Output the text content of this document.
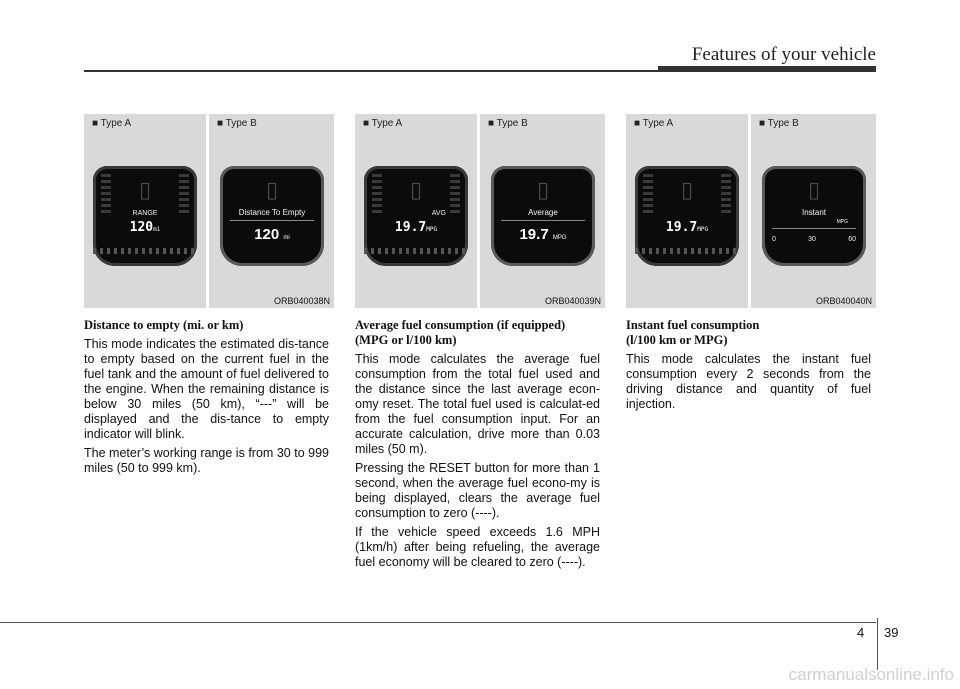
Features of your vehicle
■ Type A
▯
RANGE
120mi
■ Type B
▯
Distance To Empty
120 mi
ORB040038N
■ Type A
▯
AVG
19.7MPG
■ Type B
▯
Average
19.7 MPG
ORB040039N
■ Type A
▯
19.7MPG
■ Type B
▯
Instant
MPG
0	30	60
ORB040040N
Distance to empty (mi. or km)

This mode indicates the estimated dis-tance to empty based on the current fuel in the fuel tank and the amount of fuel delivered to the engine. When the remaining distance is below 30 miles (50 km), “---” will be displayed and the dis-tance to empty indicator will blink.

The meter’s working range is from 30 to 999 miles (50 to 999 km).

Average fuel consumption (if equipped)
(MPG or l/100 km)

This mode calculates the average fuel consumption from the total fuel used and the distance since the last average econ-omy reset. The total fuel used is calculat-ed from the fuel consumption input. For an accurate calculation, drive more than 0.03 miles (50 m).

Pressing the RESET button for more than 1 second, when the average fuel econo-my is being displayed, clears the average fuel consumption to zero (----).

If the vehicle speed exceeds 1.6 MPH (1km/h) after being refueling, the average fuel economy will be cleared to zero (----).

Instant fuel consumption
(l/100 km or MPG)

This mode calculates the instant fuel consumption every 2 seconds from the driving distance and quantity of fuel injection.

4 39
carmanualsonline.info
